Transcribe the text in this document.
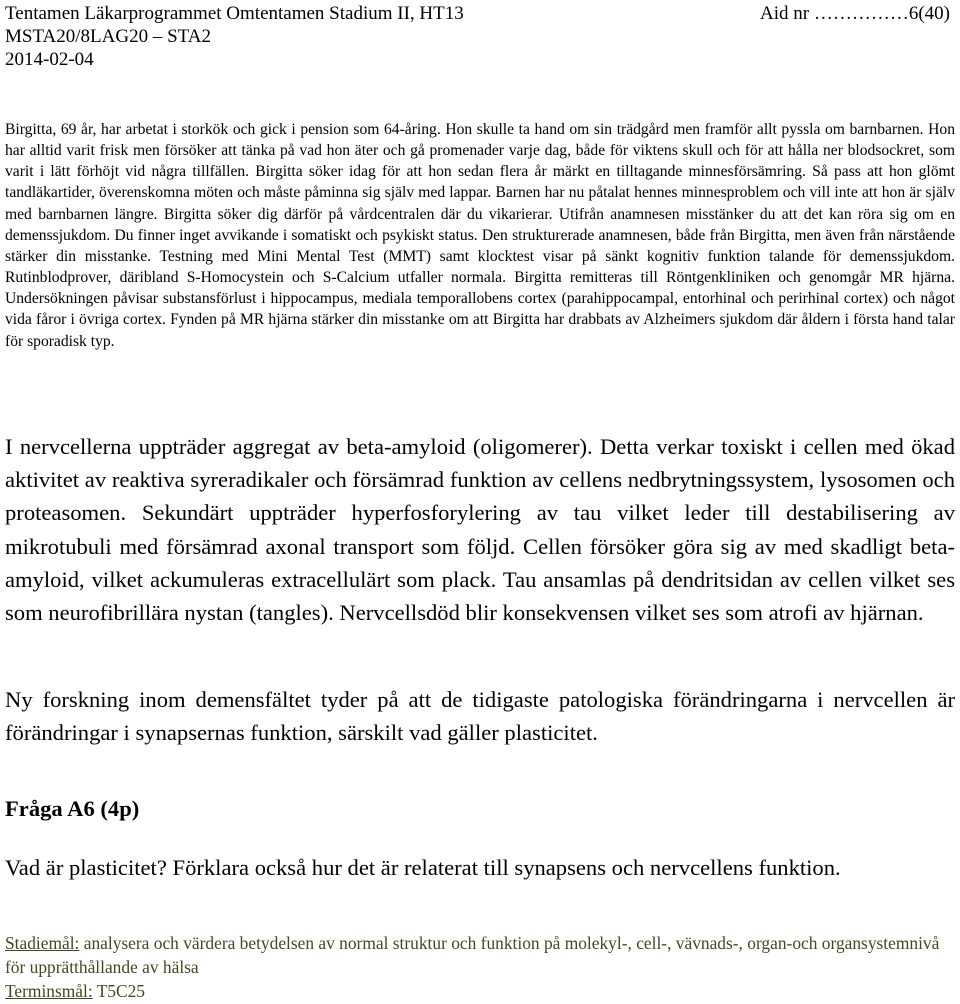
Tentamen Läkarprogrammet Omtentamen Stadium II, HT13
MSTA20/8LAG20 – STA2
2014-02-04
Aid nr ……………6(40)
Birgitta, 69 år, har arbetat i storkök och gick i pension som 64-åring. Hon skulle ta hand om sin trädgård men framför allt pyssla om barnbarnen. Hon har alltid varit frisk men försöker att tänka på vad hon äter och gå promenader varje dag, både för viktens skull och för att hålla ner blodsockret, som varit i lätt förhöjt vid några tillfällen. Birgitta söker idag för att hon sedan flera år märkt en tilltagande minnesförsämring. Så pass att hon glömt tandläkartider, överenskomna möten och måste påminna sig själv med lappar. Barnen har nu påtalat hennes minnesproblem och vill inte att hon är själv med barnbarnen längre. Birgitta söker dig därför på vårdcentralen där du vikarierar. Utifrån anamnesen misstänker du att det kan röra sig om en demenssjukdom. Du finner inget avvikande i somatiskt och psykiskt status. Den strukturerade anamnesen, både från Birgitta, men även från närstående stärker din misstanke. Testning med Mini Mental Test (MMT) samt klocktest visar på sänkt kognitiv funktion talande för demenssjukdom. Rutinblodprover, däribland S-Homocystein och S-Calcium utfaller normala. Birgitta remitteras till Röntgenkliniken och genomgår MR hjärna. Undersökningen påvisar substansförlust i hippocampus, mediala temporallobens cortex (parahippocampal, entorhinal och perirhinal cortex) och något vida fåror i övriga cortex. Fynden på MR hjärna stärker din misstanke om att Birgitta har drabbats av Alzheimers sjukdom där åldern i första hand talar för sporadisk typ.
I nervcellerna uppträder aggregat av beta-amyloid (oligomerer). Detta verkar toxiskt i cellen med ökad aktivitet av reaktiva syreradikaler och försämrad funktion av cellens nedbrytningssystem, lysosomen och proteasomen. Sekundärt uppträder hyperfosforylering av tau vilket leder till destabilisering av mikrotubuli med försämrad axonal transport som följd. Cellen försöker göra sig av med skadligt beta-amyloid, vilket ackumuleras extracellulärt som plack. Tau ansamlas på dendritsidan av cellen vilket ses som neurofibrillära nystan (tangles). Nervcellsdöd blir konsekvensen vilket ses som atrofi av hjärnan.
Ny forskning inom demensfältet tyder på att de tidigaste patologiska förändringarna i nervcellen är förändringar i synapsernas funktion, särskilt vad gäller plasticitet.
Fråga A6 (4p)
Vad är plasticitet? Förklara också hur det är relaterat till synapsens och nervcellens funktion.
Stadiemål: analysera och värdera betydelsen av normal struktur och funktion på molekyl-, cell-, vävnads-, organ-och organsystemnivå för upprätthållande av hälsa
Terminsmål: T5C25
